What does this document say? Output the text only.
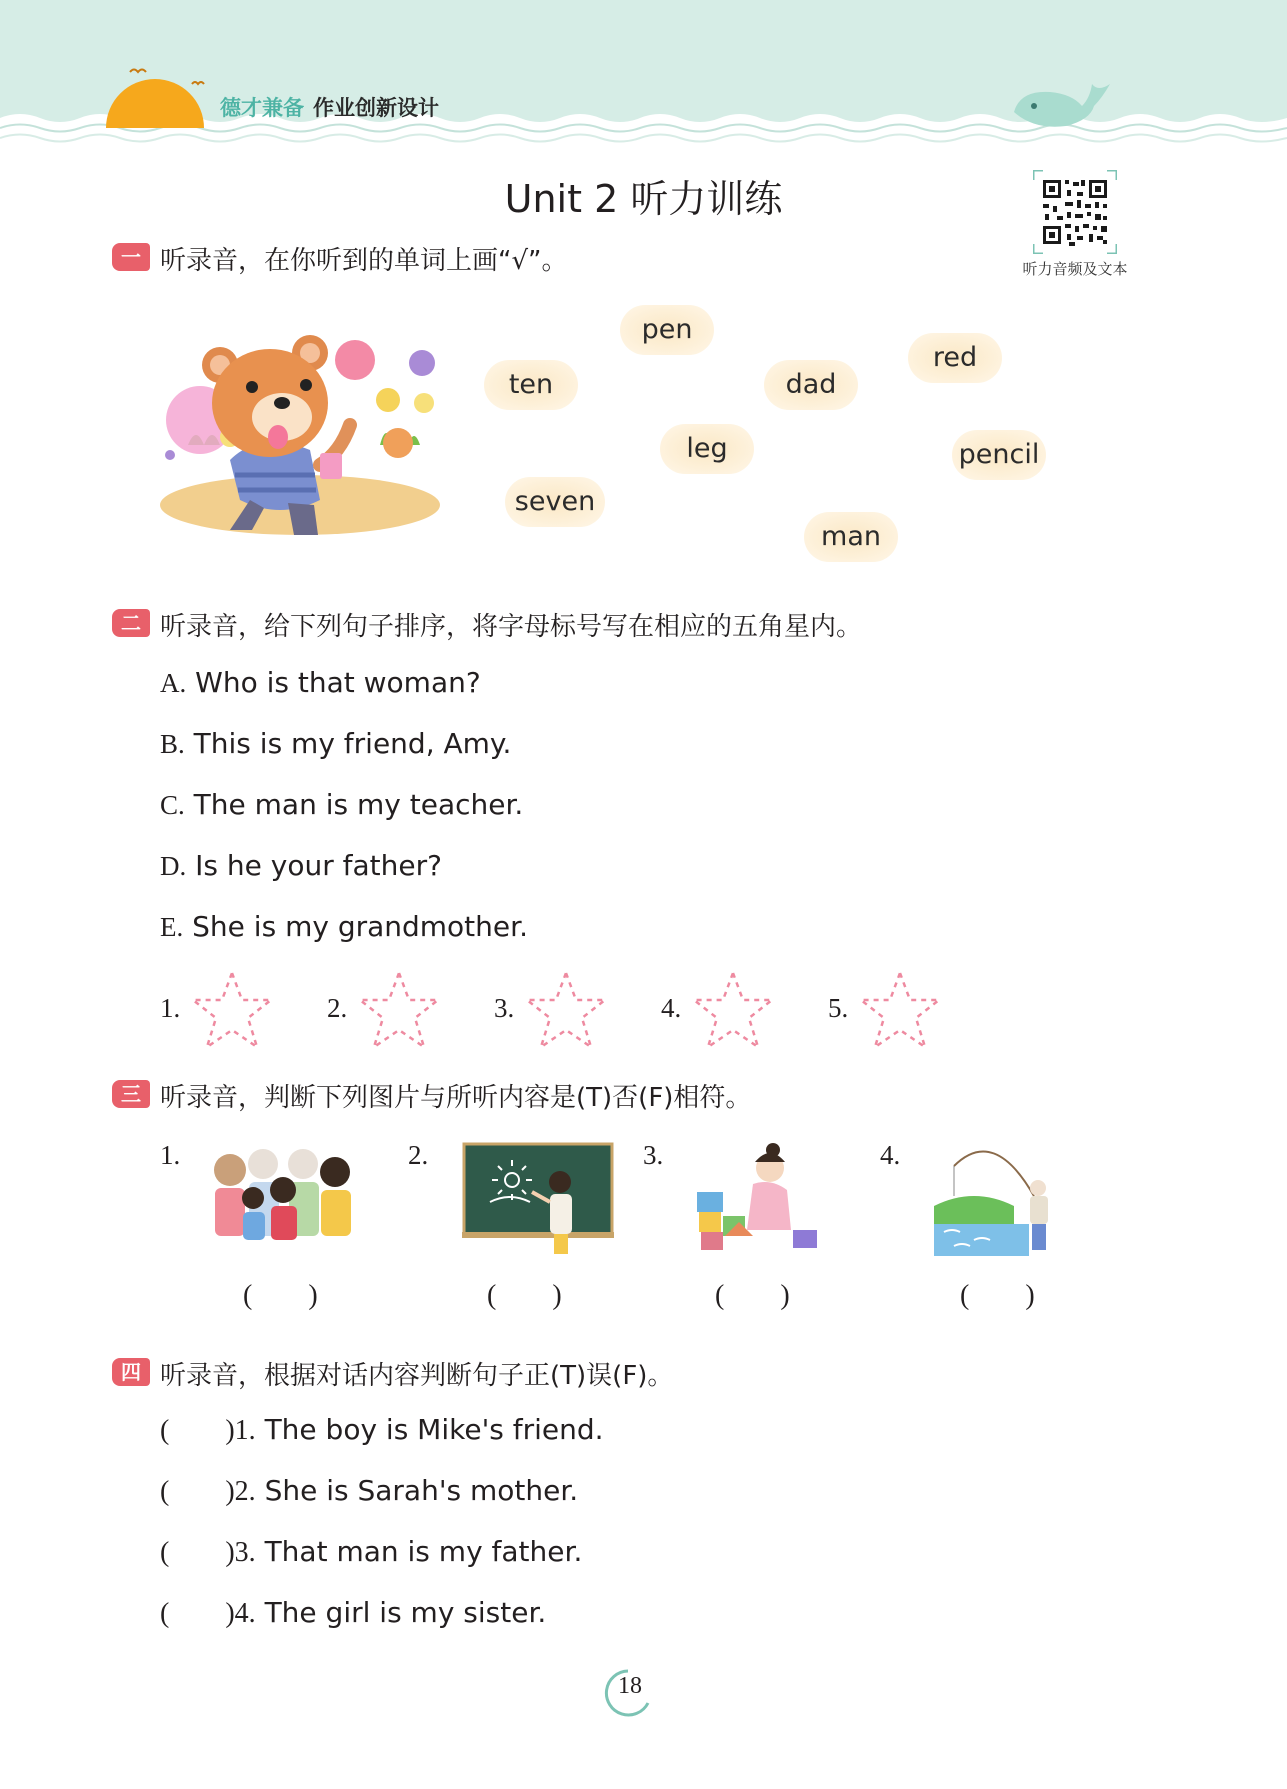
德才兼备 作业创新设计
Unit 2 听力训练
听力音频及文本
一 听录音，在你听到的单词上画“√”。
pen
ten	dad
red
leg	pencil
seven
man
二 听录音，给下列句子排序，将字母标号写在相应的五角星内。
A. Who is that woman?
B. This is my friend, Amy.
C. The man is my teacher.
D. Is he your father?
E. She is my grandmother.
1.	2.	3.	4.	5.
三 听录音，判断下列图片与所听内容是(T)否(F)相符。
1.	2.	3.	4.
(        )	(        )	(        )	(        )
四 听录音，根据对话内容判断句子正(T)误(F)。
(        )1. The boy is Mike's friend.
(        )2. She is Sarah's mother.
(        )3. That man is my father.
(        )4. The girl is my sister.
18
